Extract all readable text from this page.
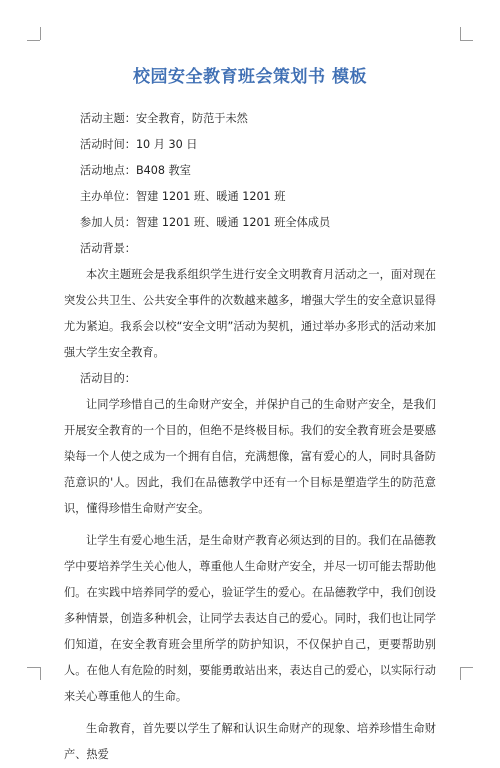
校园安全教育班会策划书 模板
活动主题：安全教育，防范于未然
活动时间：10 月 30 日
活动地点：B408 教室
主办单位：智建 1201 班、暖通 1201 班
参加人员：智建 1201 班、暖通 1201 班全体成员
活动背景：

本次主题班会是我系组织学生进行安全文明教育月活动之一，面对现在突发公共卫生、公共安全事件的次数越来越多，增强大学生的安全意识显得尤为紧迫。我系会以校“安全文明”活动为契机，通过举办多形式的活动来加强大学生安全教育。

活动目的：

让同学珍惜自己的生命财产安全，并保护自己的生命财产安全，是我们开展安全教育的一个目的，但绝不是终极目标。我们的安全教育班会是要感染每一个人使之成为一个拥有自信，充满想像，富有爱心的人，同时具备防范意识的'人。因此，我们在品德教学中还有一个目标是塑造学生的防范意识，懂得珍惜生命财产安全。

让学生有爱心地生活，是生命财产教育必须达到的目的。我们在品德教学中要培养学生关心他人，尊重他人生命财产安全，并尽一切可能去帮助他们。在实践中培养同学的爱心，验证学生的爱心。在品德教学中，我们创设多种情景，创造多种机会，让同学去表达自己的爱心。同时，我们也让同学们知道，在安全教育班会里所学的防护知识，不仅保护自己，更要帮助别人。在他人有危险的时刻，要能勇敢站出来，表达自己的爱心，以实际行动来关心尊重他人的生命。

生命教育，首先要以学生了解和认识生命财产的现象、培养珍惜生命财产、热爱
